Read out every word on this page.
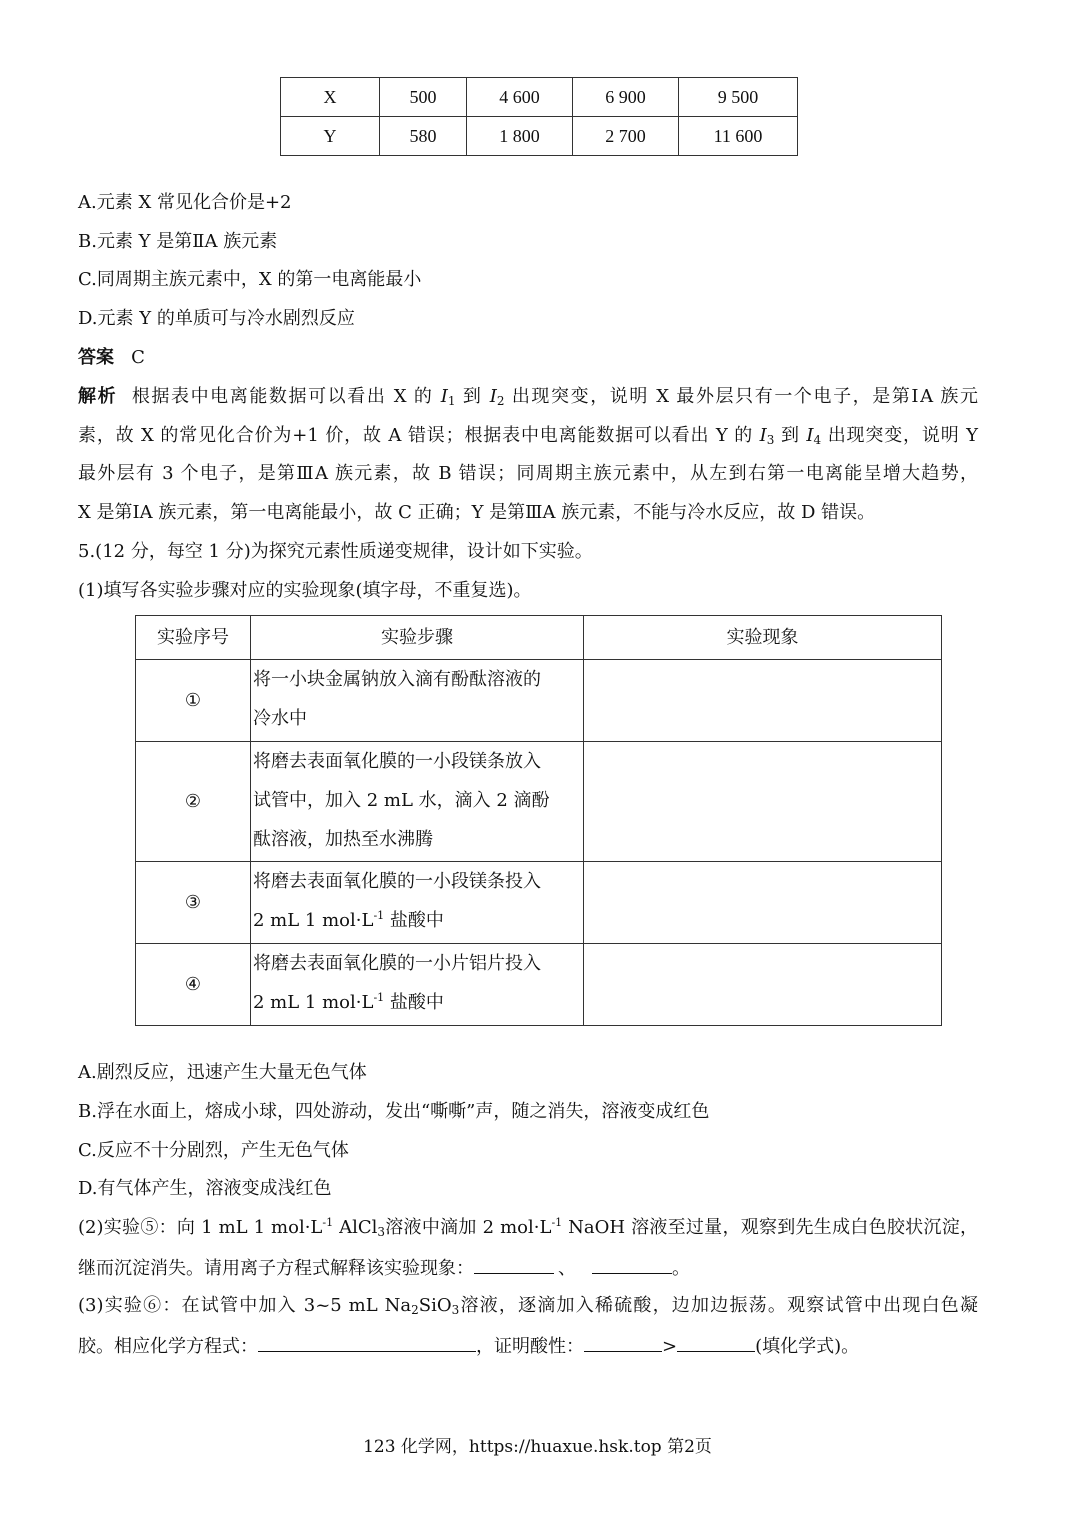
X	500	4 600	6 900	9 500
Y	580	1 800	2 700	11 600
A.元素 X 常见化合价是+2
B.元素 Y 是第ⅡA 族元素
C.同周期主族元素中，X 的第一电离能最小
D.元素 Y 的单质可与冷水剧烈反应
答案 C
解析 根据表中电离能数据可以看出 X 的 $I_1$ 到 $I_2$ 出现突变，说明 X 最外层只有一个电子，是第ⅠA 族元
素，故 X 的常见化合价为+1 价，故 A 错误；根据表中电离能数据可以看出 Y 的 $I_3$ 到 $I_4$ 出现突变，说明 Y
最外层有 3 个电子，是第ⅢA 族元素，故 B 错误；同周期主族元素中，从左到右第一电离能呈增大趋势，
X 是第ⅠA 族元素，第一电离能最小，故 C 正确；Y 是第ⅢA 族元素，不能与冷水反应，故 D 错误。
5.(12 分，每空 1 分)为探究元素性质递变规律，设计如下实验。
(1)填写各实验步骤对应的实验现象(填字母，不重复选)。
实验序号	实验步骤	实验现象
①	将一小块金属钠放入滴有酚酞溶液的
冷水中	

②	将磨去表面氧化膜的一小段镁条放入
试管中，加入 2 mL 水，滴入 2 滴酚
酞溶液，加热至水沸腾	

③	将磨去表面氧化膜的一小段镁条投入
2 mL 1 $mol\cdot L^{-1}$ 盐酸中	

④	将磨去表面氧化膜的一小片铝片投入
2 mL 1 $mol\cdot L^{-1}$ 盐酸中	

A.剧烈反应，迅速产生大量无色气体
B.浮在水面上，熔成小球，四处游动，发出“嘶嘶”声，随之消失，溶液变成红色
C.反应不十分剧烈，产生无色气体
D.有气体产生，溶液变成浅红色
(2)实验⑤：向 1 mL 1 $mol\cdot L^{-1}$ AlCl$_3$溶液中滴加 2 $mol\cdot L^{-1}$ NaOH 溶液至过量，观察到先生成白色胶状沉淀，
继而沉淀消失。请用离子方程式解释该实验现象：	、	。
(3)实验⑥：在试管中加入 3~5 mL $Na_2SiO_3$溶液，逐滴加入稀硫酸，边加边振荡。观察试管中出现白色凝
胶。相应化学方程式：	，证明酸性：	>	(填化学式)。
123 化学网，https://huaxue.hsk.top 第2页
